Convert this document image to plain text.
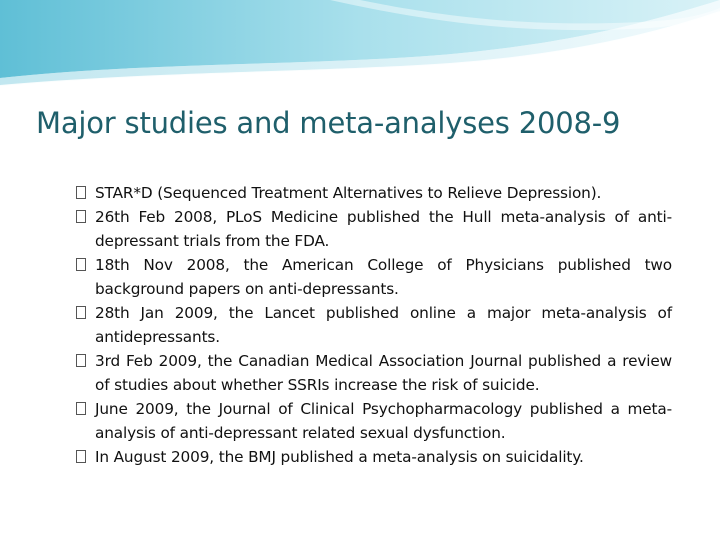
Major studies and meta-analyses 2008-9
STAR*D (Sequenced Treatment Alternatives to Relieve Depression).
26th Feb 2008, PLoS Medicine published the Hull meta-analysis of anti-depressant trials from the FDA.
18th Nov 2008, the American College of Physicians published two background papers on anti-depressants.
28th Jan 2009, the Lancet published online a major meta-analysis of antidepressants.
3rd Feb 2009, the Canadian Medical Association Journal published a review of studies about whether SSRIs increase the risk of suicide.
June 2009, the Journal of Clinical Psychopharmacology published a meta-analysis of anti-depressant related sexual dysfunction.
In August 2009, the BMJ published a meta-analysis on suicidality.
